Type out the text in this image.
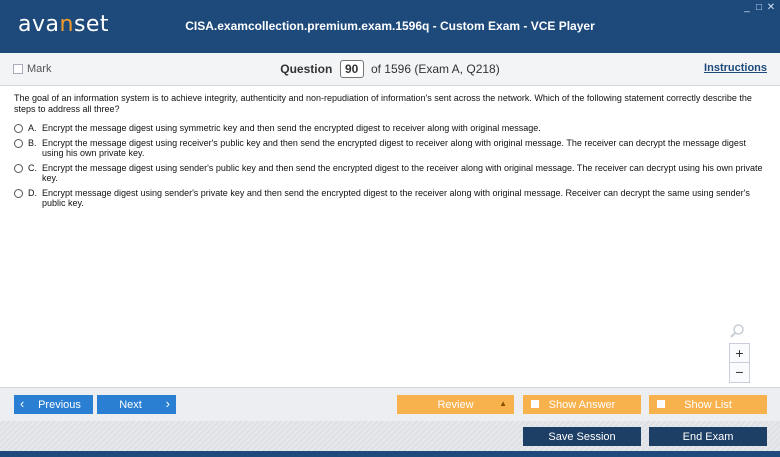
avanset	CISA.examcollection.premium.exam.1596q - Custom Exam - VCE Player
_ □ ✕
Mark	Question 90 of 1596 (Exam A, Q218)	Instructions
The goal of an information system is to achieve integrity, authenticity and non-repudiation of information's sent across the network. Which of the following statement correctly describe the steps to address all three?
A. Encrypt the message digest using symmetric key and then send the encrypted digest to receiver along with original message.
B. Encrypt the message digest using receiver's public key and then send the encrypted digest to receiver along with original message. The receiver can decrypt the message digest using his own private key.
C. Encrypt the message digest using sender's public key and then send the encrypted digest to the receiver along with original message. The receiver can decrypt using his own private key.
D. Encrypt message digest using sender's private key and then send the encrypted digest to the receiver along with original message. Receiver can decrypt the same using sender's public key.
+
−
‹	Previous	Next	›	Review	▲	Show Answer	Show List
Save Session	End Exam
